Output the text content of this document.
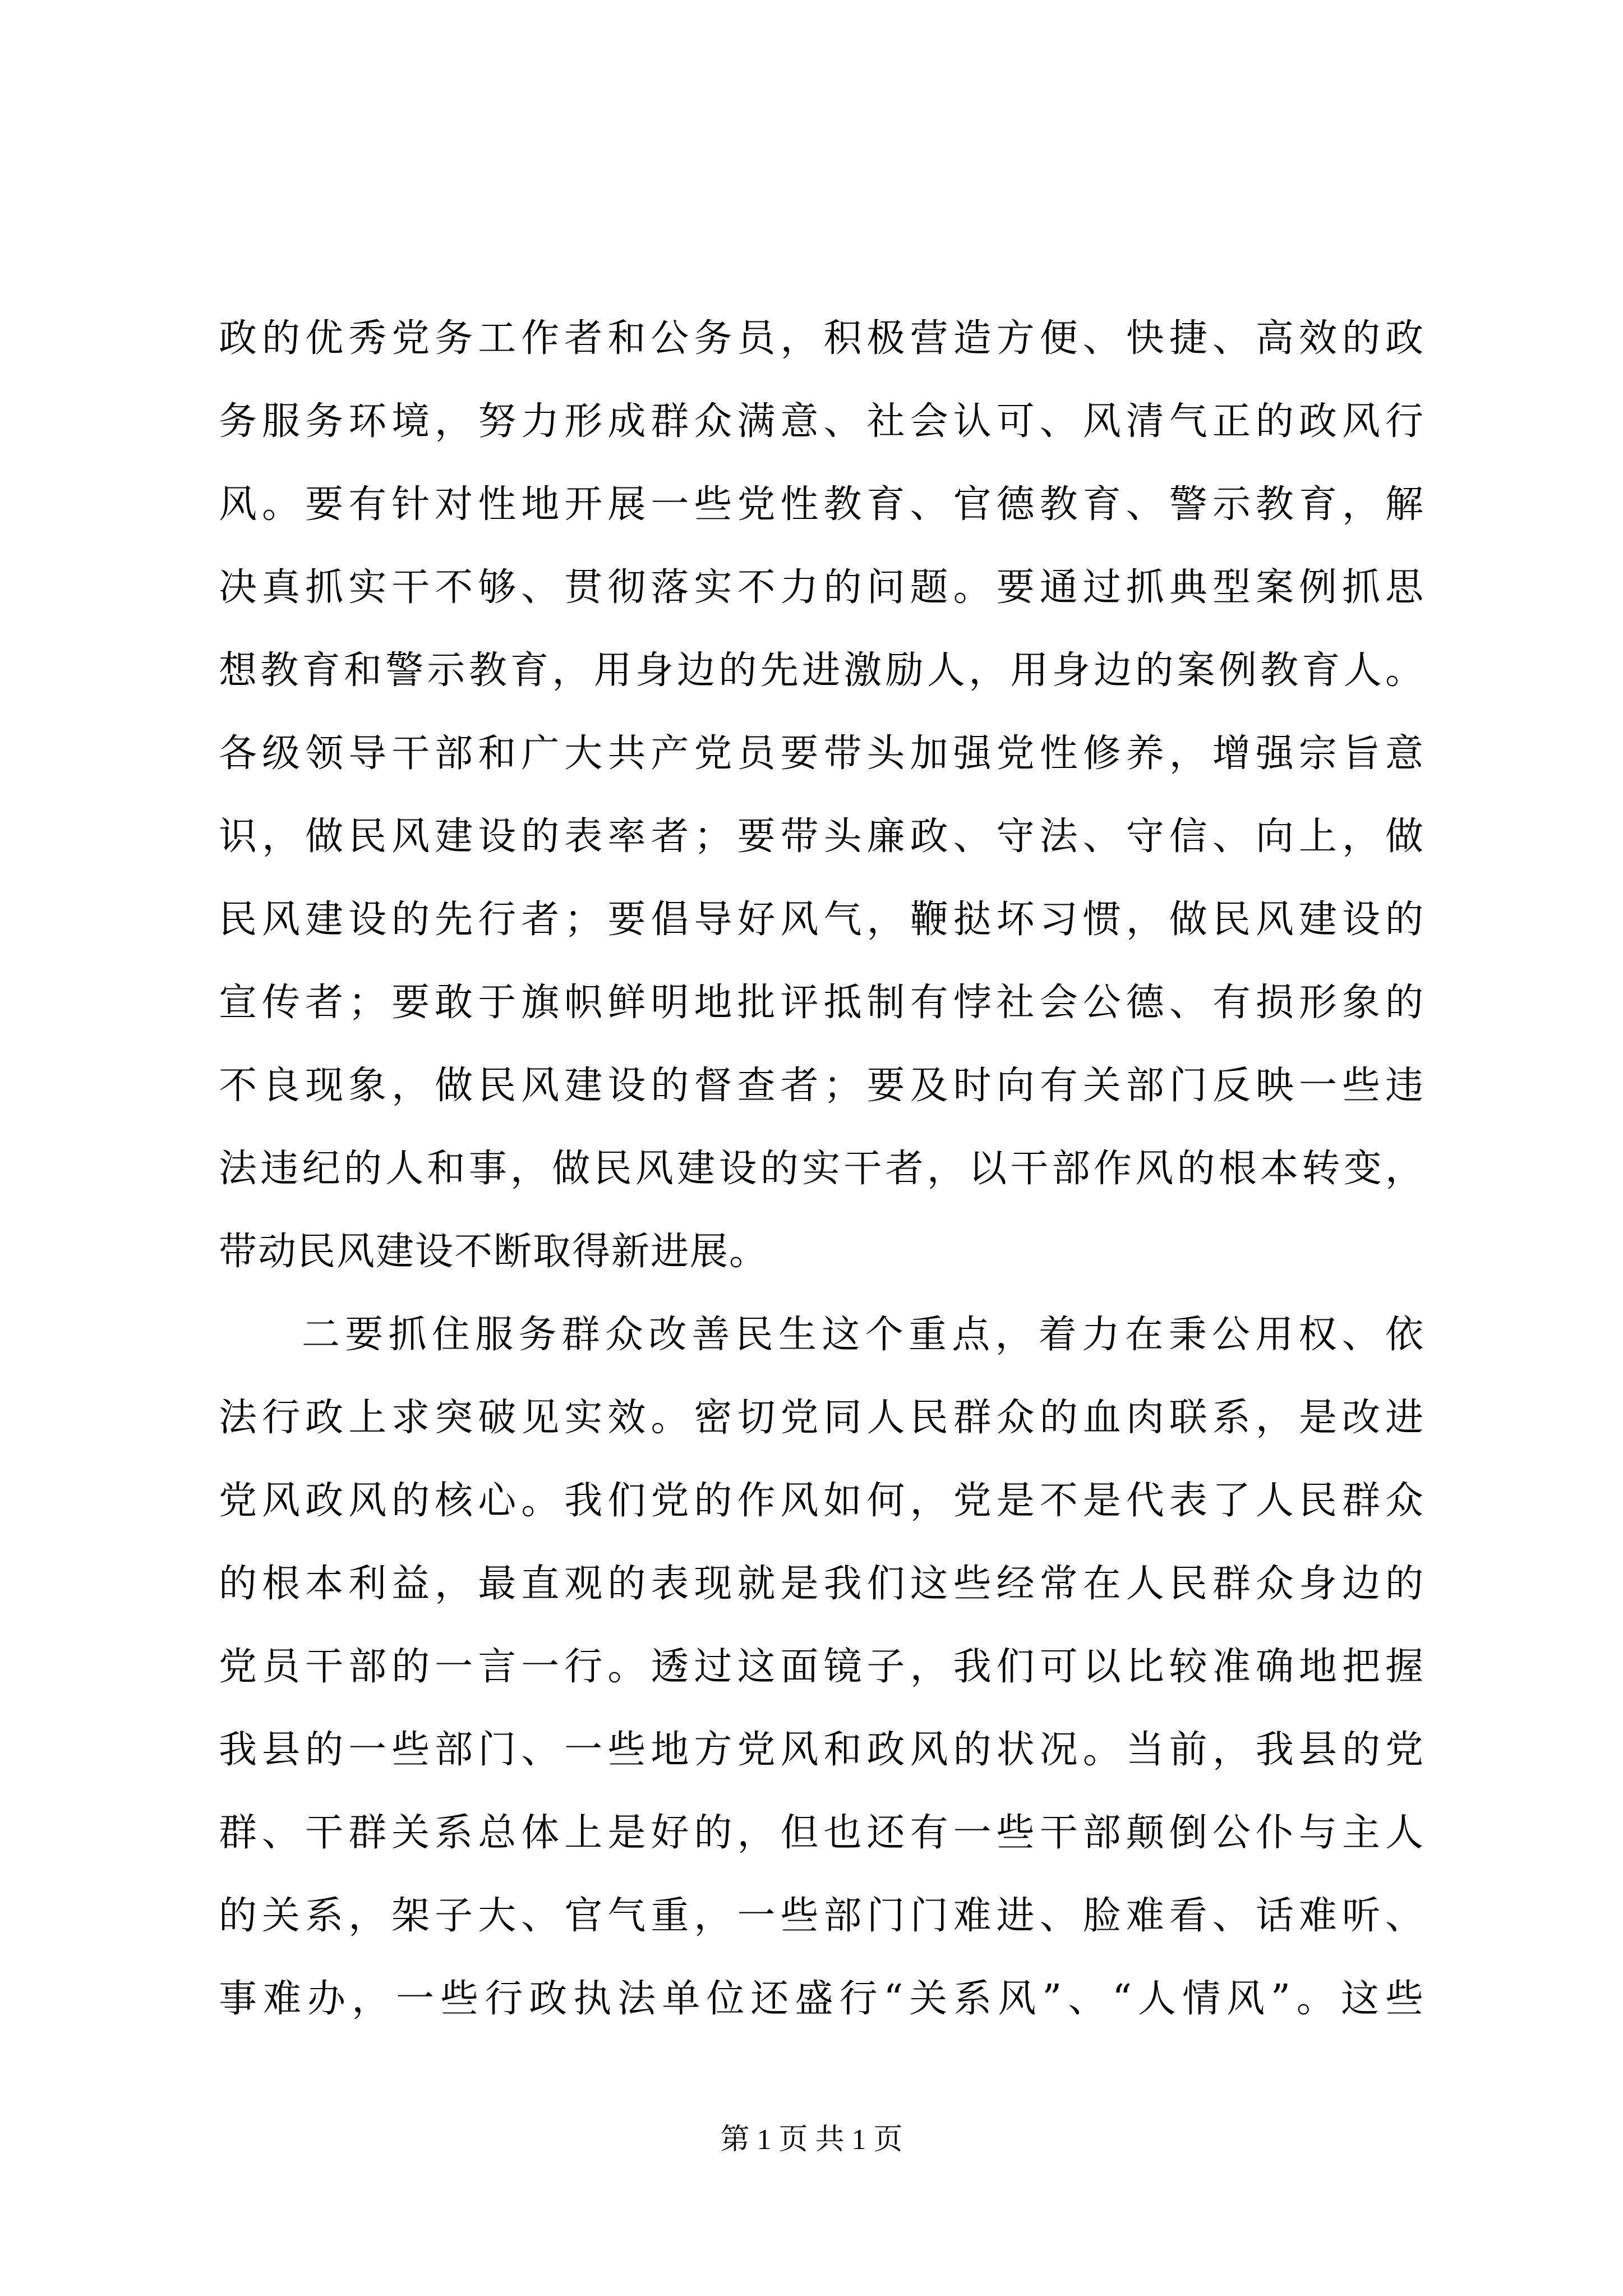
政的优秀党务工作者和公务员，积极营造方便、快捷、高效的政
务服务环境，努力形成群众满意、社会认可、风清气正的政风行
风。要有针对性地开展一些党性教育、官德教育、警示教育，解
决真抓实干不够、贯彻落实不力的问题。要通过抓典型案例抓思
想教育和警示教育，用身边的先进激励人，用身边的案例教育人。
各级领导干部和广大共产党员要带头加强党性修养，增强宗旨意
识，做民风建设的表率者；要带头廉政、守法、守信、向上，做
民风建设的先行者；要倡导好风气，鞭挞坏习惯，做民风建设的
宣传者；要敢于旗帜鲜明地批评抵制有悖社会公德、有损形象的
不良现象，做民风建设的督查者；要及时向有关部门反映一些违
法违纪的人和事，做民风建设的实干者，以干部作风的根本转变，
带动民风建设不断取得新进展。
二要抓住服务群众改善民生这个重点，着力在秉公用权、依
法行政上求突破见实效。密切党同人民群众的血肉联系，是改进
党风政风的核心。我们党的作风如何，党是不是代表了人民群众
的根本利益，最直观的表现就是我们这些经常在人民群众身边的
党员干部的一言一行。透过这面镜子，我们可以比较准确地把握
我县的一些部门、一些地方党风和政风的状况。当前，我县的党
群、干群关系总体上是好的，但也还有一些干部颠倒公仆与主人
的关系，架子大、官气重，一些部门门难进、脸难看、话难听、
事难办，一些行政执法单位还盛行“关系风”、“人情风”。这些
第 1 页 共 1 页
